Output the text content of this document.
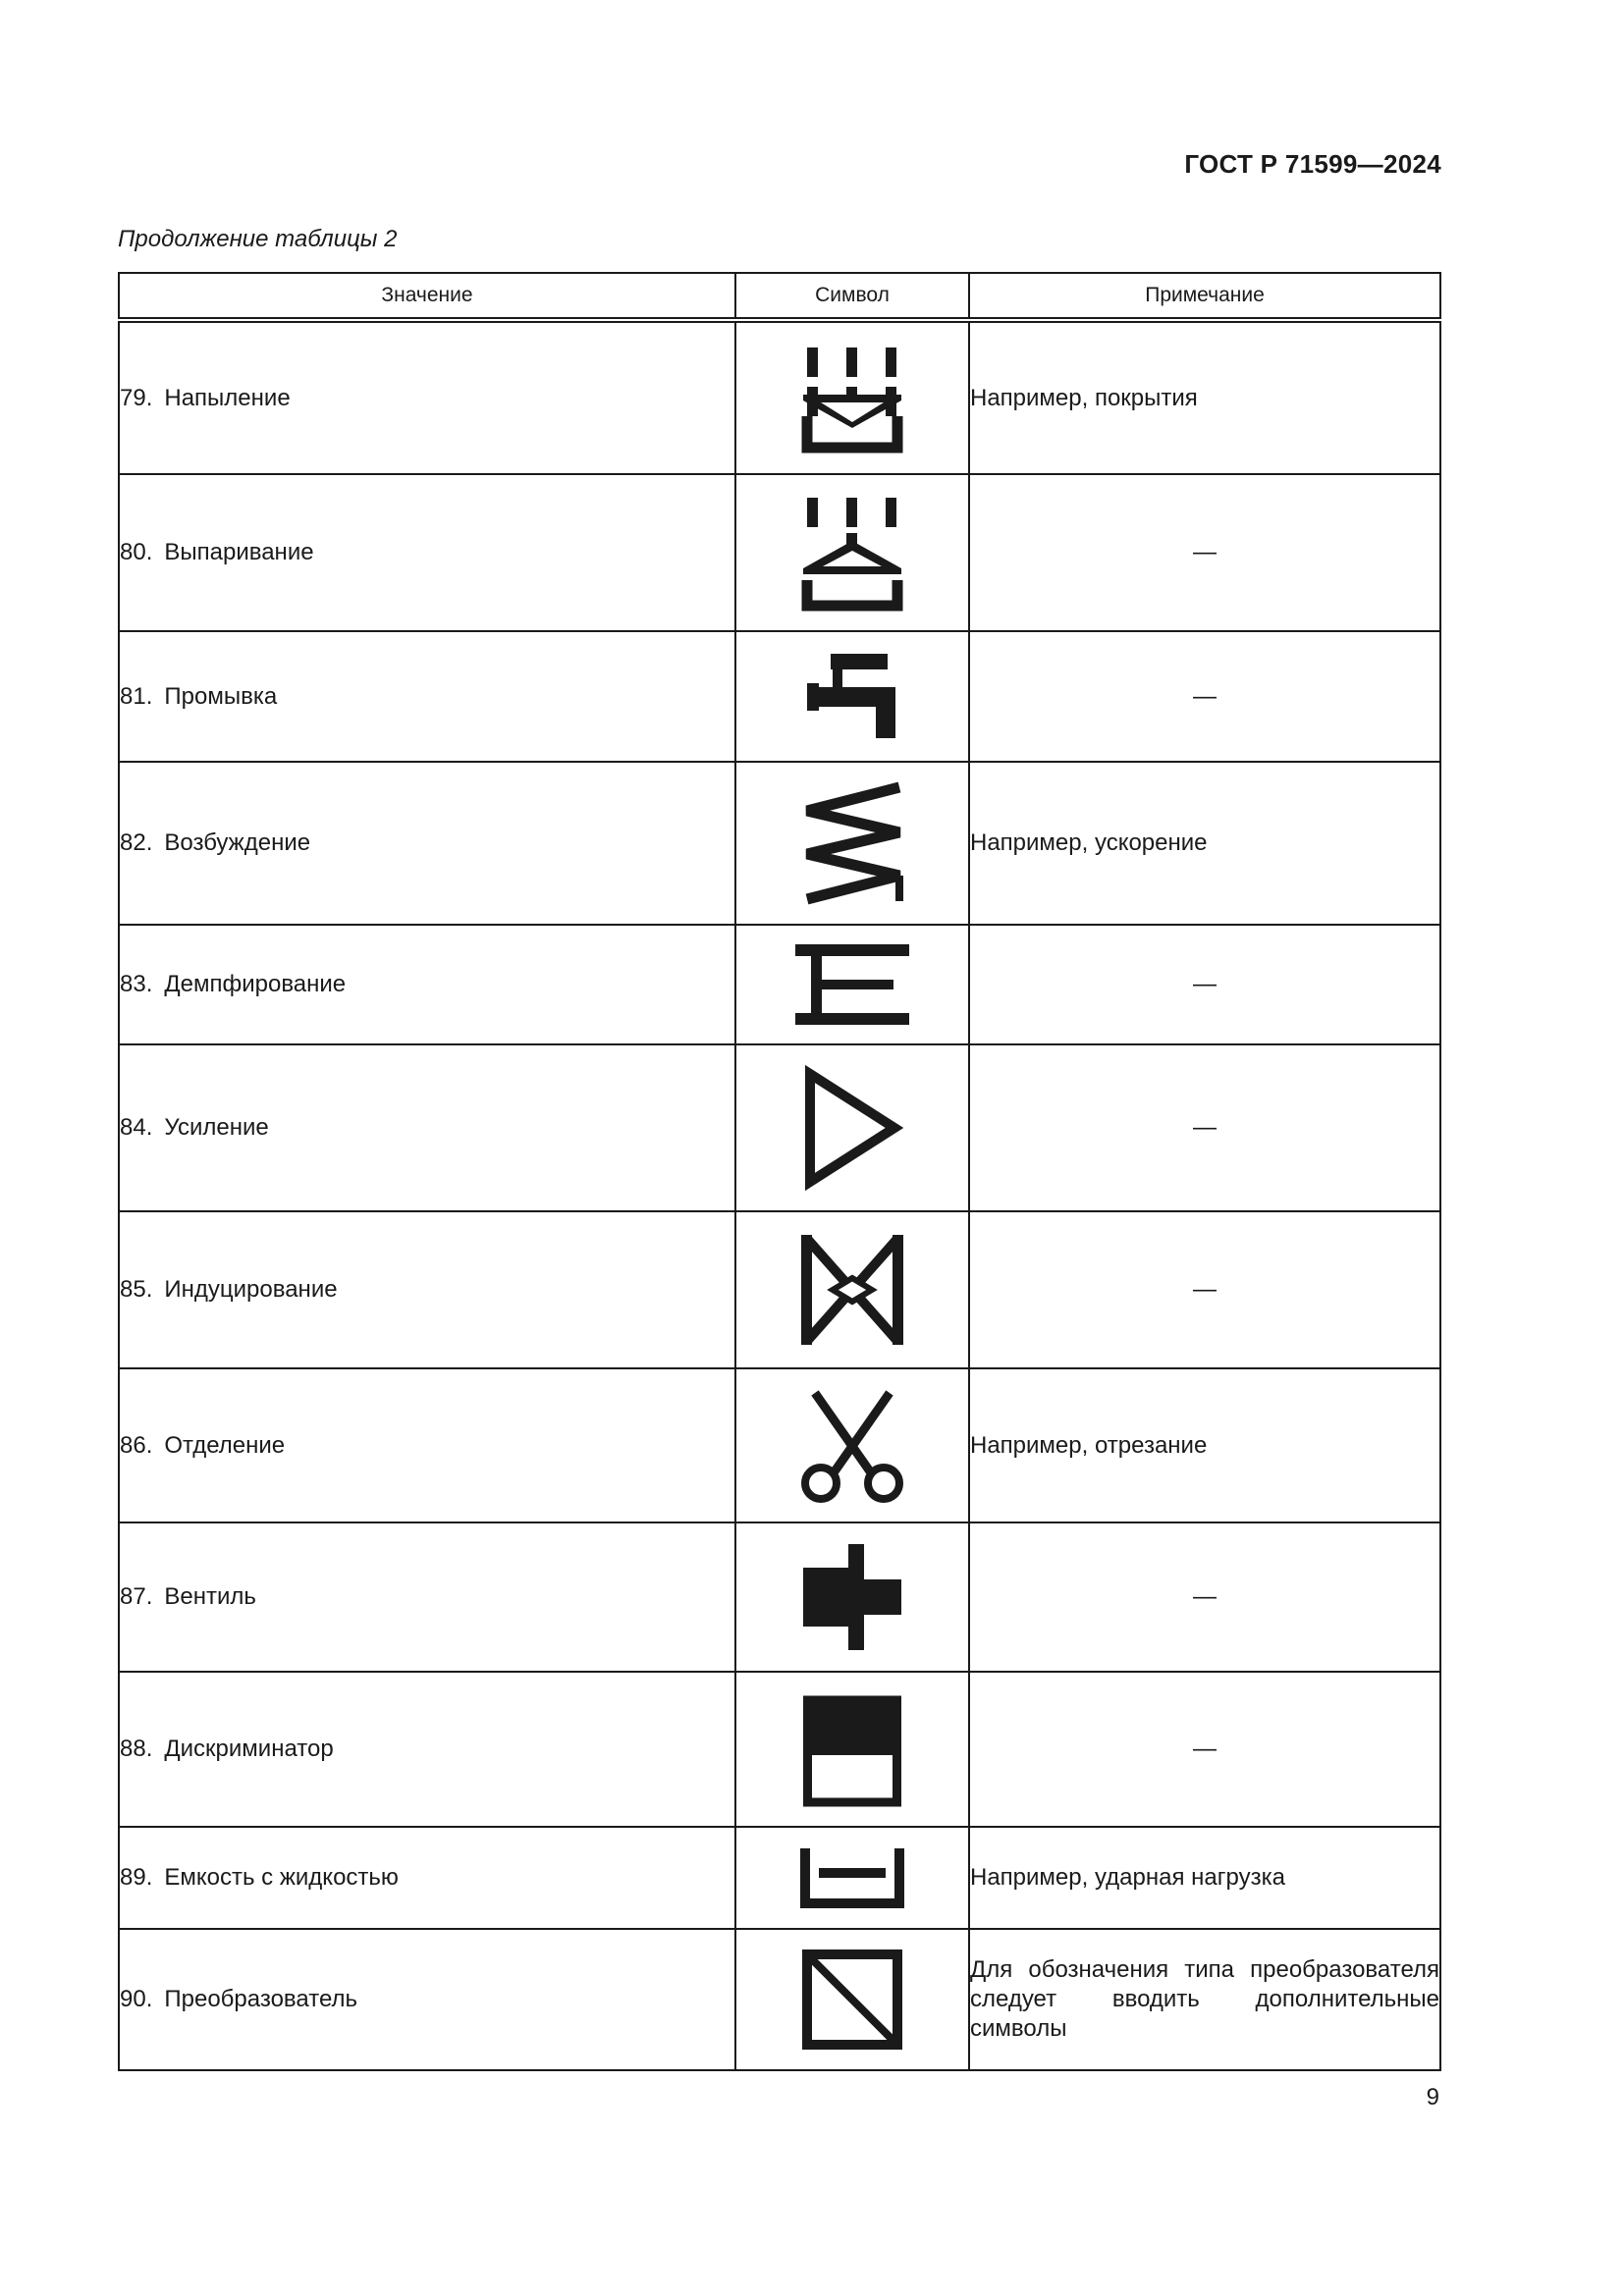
ГОСТ Р 71599—2024
Продолжение таблицы 2
Значение	Символ	Примечание
79. Напыление		Например, покрытия
80. Выпаривание		—
81. Промывка		—
82. Возбуждение		Например, ускорение
83. Демпфирование		—
84. Усиление		—
85. Индуцирование		—
86. Отделение		Например, отрезание
87. Вентиль		—
88. Дискриминатор		—
89. Емкость с жидкостью		Например, ударная нагрузка
90. Преобразователь		Для обозначения типа преобразователя следует вводить дополнительные символы
9
